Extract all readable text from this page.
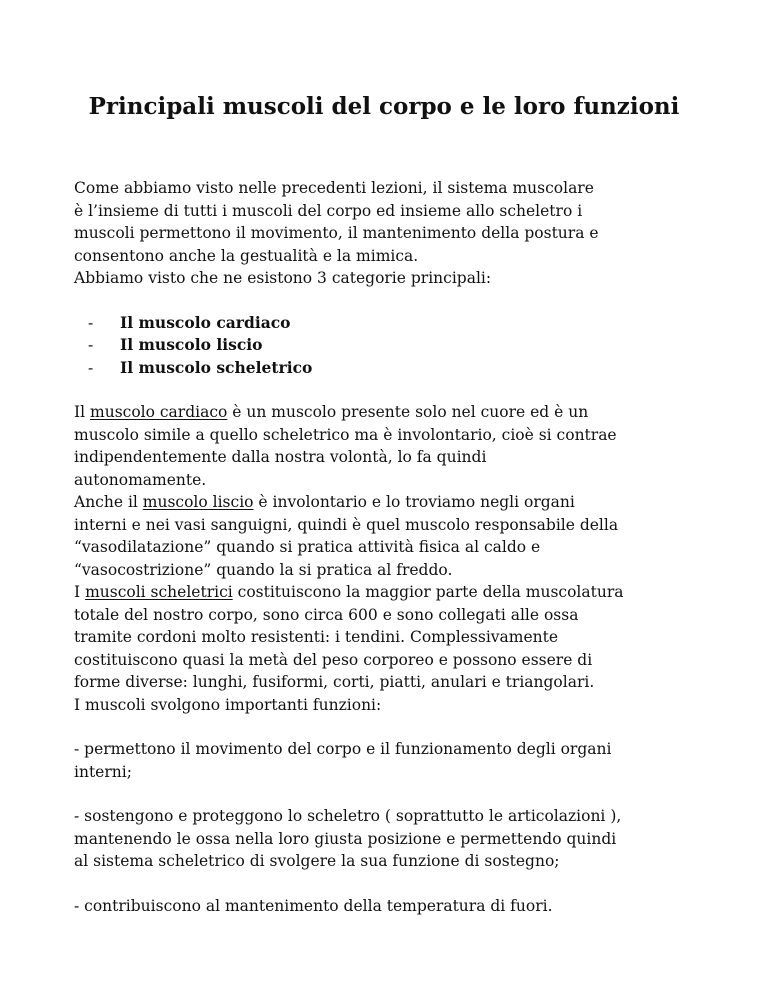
Principali muscoli del corpo e le loro funzioni

Come abbiamo visto nelle precedenti lezioni, il sistema muscolare

è l’insieme di tutti i muscoli del corpo ed insieme allo scheletro i

muscoli permettono il movimento, il mantenimento della postura e

consentono anche la gestualità e la mimica.

Abbiamo visto che ne esistono 3 categorie principali:

- Il muscolo cardiaco
- Il muscolo liscio
- Il muscolo scheletrico

Il muscolo cardiaco è un muscolo presente solo nel cuore ed è un

muscolo simile a quello scheletrico ma è involontario, cioè si contrae

indipendentemente dalla nostra volontà, lo fa quindi

autonomamente.

Anche il muscolo liscio è involontario e lo troviamo negli organi

interni e nei vasi sanguigni, quindi è quel muscolo responsabile della

“vasodilatazione” quando si pratica attività fisica al caldo e

“vasocostrizione” quando la si pratica al freddo.

I muscoli scheletrici costituiscono la maggior parte della muscolatura

totale del nostro corpo, sono circa 600 e sono collegati alle ossa

tramite cordoni molto resistenti: i tendini. Complessivamente

costituiscono quasi la metà del peso corporeo e possono essere di

forme diverse: lunghi, fusiformi, corti, piatti, anulari e triangolari.

I muscoli svolgono importanti funzioni:

- permettono il movimento del corpo e il funzionamento degli organi

interni;

- sostengono e proteggono lo scheletro ( soprattutto le articolazioni ),

mantenendo le ossa nella loro giusta posizione e permettendo quindi

al sistema scheletrico di svolgere la sua funzione di sostegno;

- contribuiscono al mantenimento della temperatura di fuori.
